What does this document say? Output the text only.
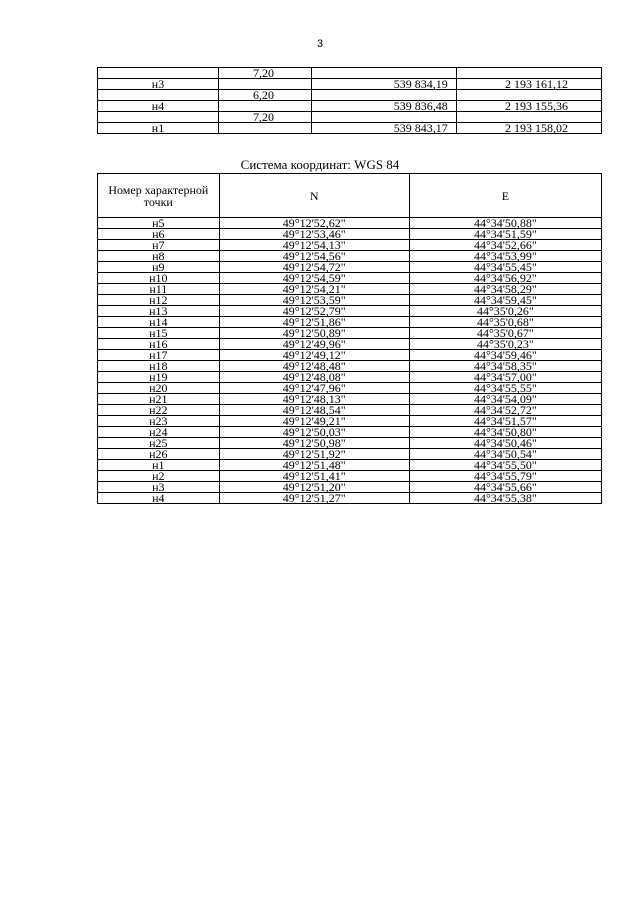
3
	7,20		
н3		539 834,19	2 193 161,12
	6,20		
н4		539 836,48	2 193 155,36
	7,20		
н1		539 843,17	2 193 158,02
Система координат: WGS 84
Номер характерной точки	N	E
н5	49°12'52,62"	44°34'50,88"
н6	49°12'53,46"	44°34'51,59"
н7	49°12'54,13"	44°34'52,66"
н8	49°12'54,56"	44°34'53,99"
н9	49°12'54,72"	44°34'55,45"
н10	49°12'54,59"	44°34'56,92"
н11	49°12'54,21"	44°34'58,29"
н12	49°12'53,59"	44°34'59,45"
н13	49°12'52,79"	44°35'0,26"
н14	49°12'51,86"	44°35'0,68"
н15	49°12'50,89"	44°35'0,67"
н16	49°12'49,96"	44°35'0,23"
н17	49°12'49,12"	44°34'59,46"
н18	49°12'48,48"	44°34'58,35"
н19	49°12'48,08"	44°34'57,00"
н20	49°12'47,96"	44°34'55,55"
н21	49°12'48,13"	44°34'54,09"
н22	49°12'48,54"	44°34'52,72"
н23	49°12'49,21"	44°34'51,57"
н24	49°12'50,03"	44°34'50,80"
н25	49°12'50,98"	44°34'50,46"
н26	49°12'51,92"	44°34'50,54"
н1	49°12'51,48"	44°34'55,50"
н2	49°12'51,41"	44°34'55,79"
н3	49°12'51,20"	44°34'55,66"
н4	49°12'51,27"	44°34'55,38"
